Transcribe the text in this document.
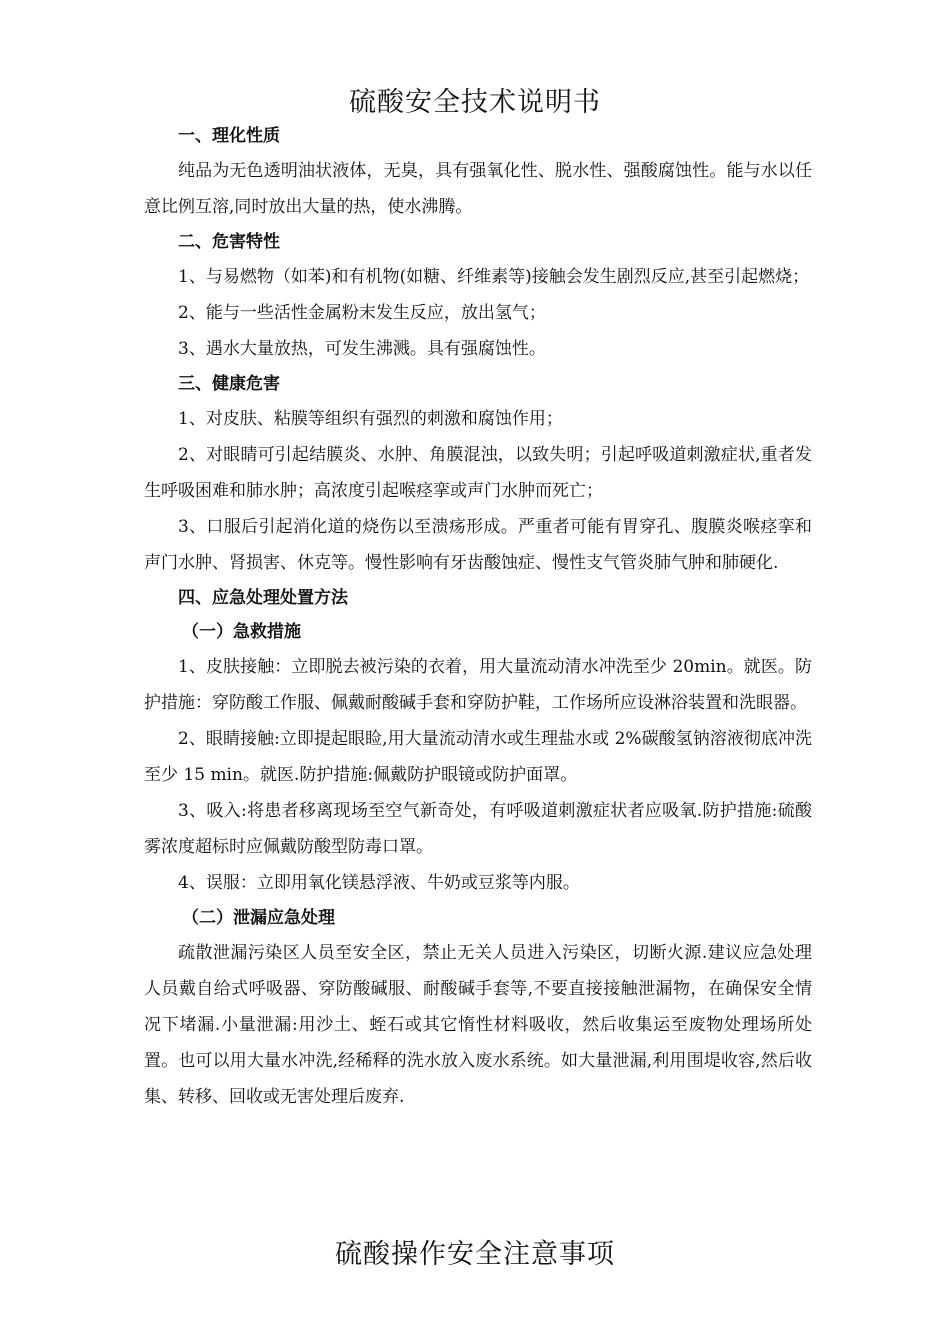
硫酸安全技术说明书

一、理化性质

纯品为无色透明油状液体，无臭，具有强氧化性、脱水性、强酸腐蚀性。能与水以任意比例互溶,同时放出大量的热，使水沸腾。

二、危害特性

1、与易燃物（如苯)和有机物(如糖、纤维素等)接触会发生剧烈反应,甚至引起燃烧；

2、能与一些活性金属粉末发生反应，放出氢气；

3、遇水大量放热，可发生沸溅。具有强腐蚀性。

三、健康危害

1、对皮肤、粘膜等组织有强烈的刺激和腐蚀作用；

2、对眼睛可引起结膜炎、水肿、角膜混浊，以致失明；引起呼吸道刺激症状,重者发生呼吸困难和肺水肿；高浓度引起喉痉挛或声门水肿而死亡；

3、口服后引起消化道的烧伤以至溃疡形成。严重者可能有胃穿孔、腹膜炎喉痉挛和声门水肿、肾损害、休克等。慢性影响有牙齿酸蚀症、慢性支气管炎肺气肿和肺硬化.

四、应急处理处置方法

（一）急救措施

1、皮肤接触：立即脱去被污染的衣着，用大量流动清水冲洗至少 20min。就医。防护措施：穿防酸工作服、佩戴耐酸碱手套和穿防护鞋，工作场所应设淋浴装置和洗眼器。

2、眼睛接触:立即提起眼睑,用大量流动清水或生理盐水或 2%碳酸氢钠溶液彻底冲洗至少 15 min。就医.防护措施:佩戴防护眼镜或防护面罩。

3、吸入:将患者移离现场至空气新奇处，有呼吸道刺激症状者应吸氧.防护措施:硫酸雾浓度超标时应佩戴防酸型防毒口罩。

4、误服：立即用氧化镁悬浮液、牛奶或豆浆等内服。

（二）泄漏应急处理

疏散泄漏污染区人员至安全区，禁止无关人员进入污染区，切断火源.建议应急处理人员戴自给式呼吸器、穿防酸碱服、耐酸碱手套等,不要直接接触泄漏物，在确保安全情况下堵漏.小量泄漏:用沙土、蛭石或其它惰性材料吸收，然后收集运至废物处理场所处置。也可以用大量水冲洗,经稀释的洗水放入废水系统。如大量泄漏,利用围堤收容,然后收集、转移、回收或无害处理后废弃.

硫酸操作安全注意事项
